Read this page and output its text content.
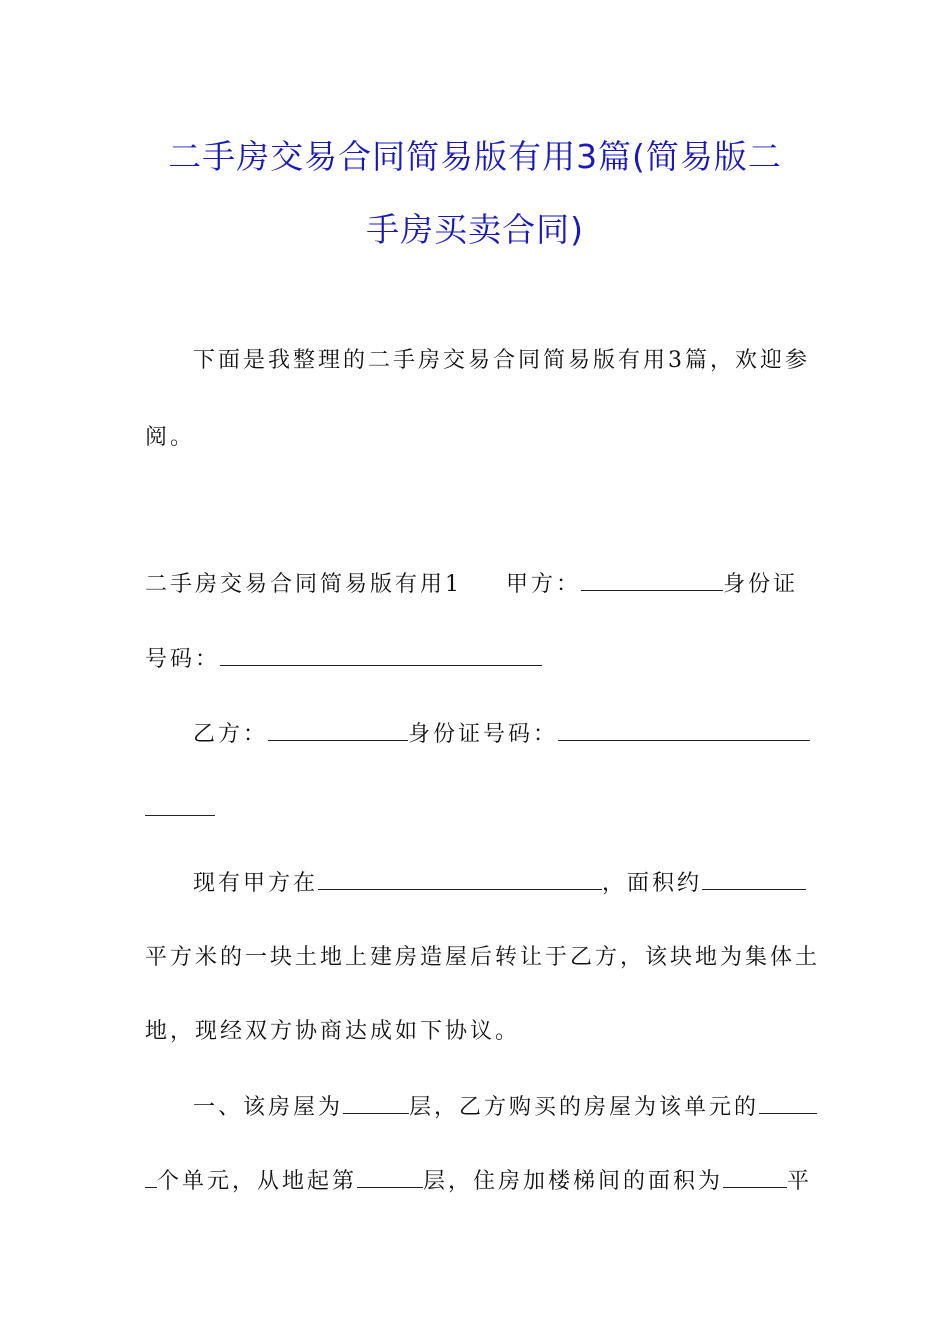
二手房交易合同简易版有用3篇(简易版二
手房买卖合同)
下面是我整理的二手房交易合同简易版有用3篇，欢迎参
阅。
二手房交易合同简易版有用1 甲方：	身份证
号码：
乙方：	身份证号码：
现有甲方在	，面积约
平方米的一块土地上建房造屋后转让于乙方，该块地为集体土
地，现经双方协商达成如下协议。
一、该房屋为	层，乙方购买的房屋为该单元的
个单元，从地起第	层，住房加楼梯间的面积为	平
